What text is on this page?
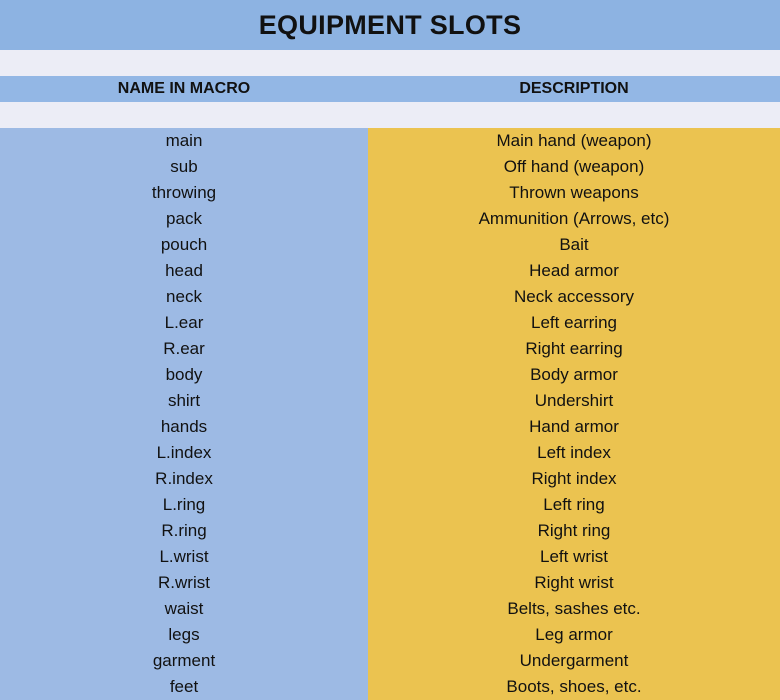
EQUIPMENT SLOTS
NAME IN MACRO	DESCRIPTION
main
sub
throwing
pack
pouch
head
neck
L.ear
R.ear
body
shirt
hands
L.index
R.index
L.ring
R.ring
L.wrist
R.wrist
waist
legs
garment
feet
Main hand (weapon)
Off hand (weapon)
Thrown weapons
Ammunition (Arrows, etc)
Bait
Head armor
Neck accessory
Left earring
Right earring
Body armor
Undershirt
Hand armor
Left index
Right index
Left ring
Right ring
Left wrist
Right wrist
Belts, sashes etc.
Leg armor
Undergarment
Boots, shoes, etc.
